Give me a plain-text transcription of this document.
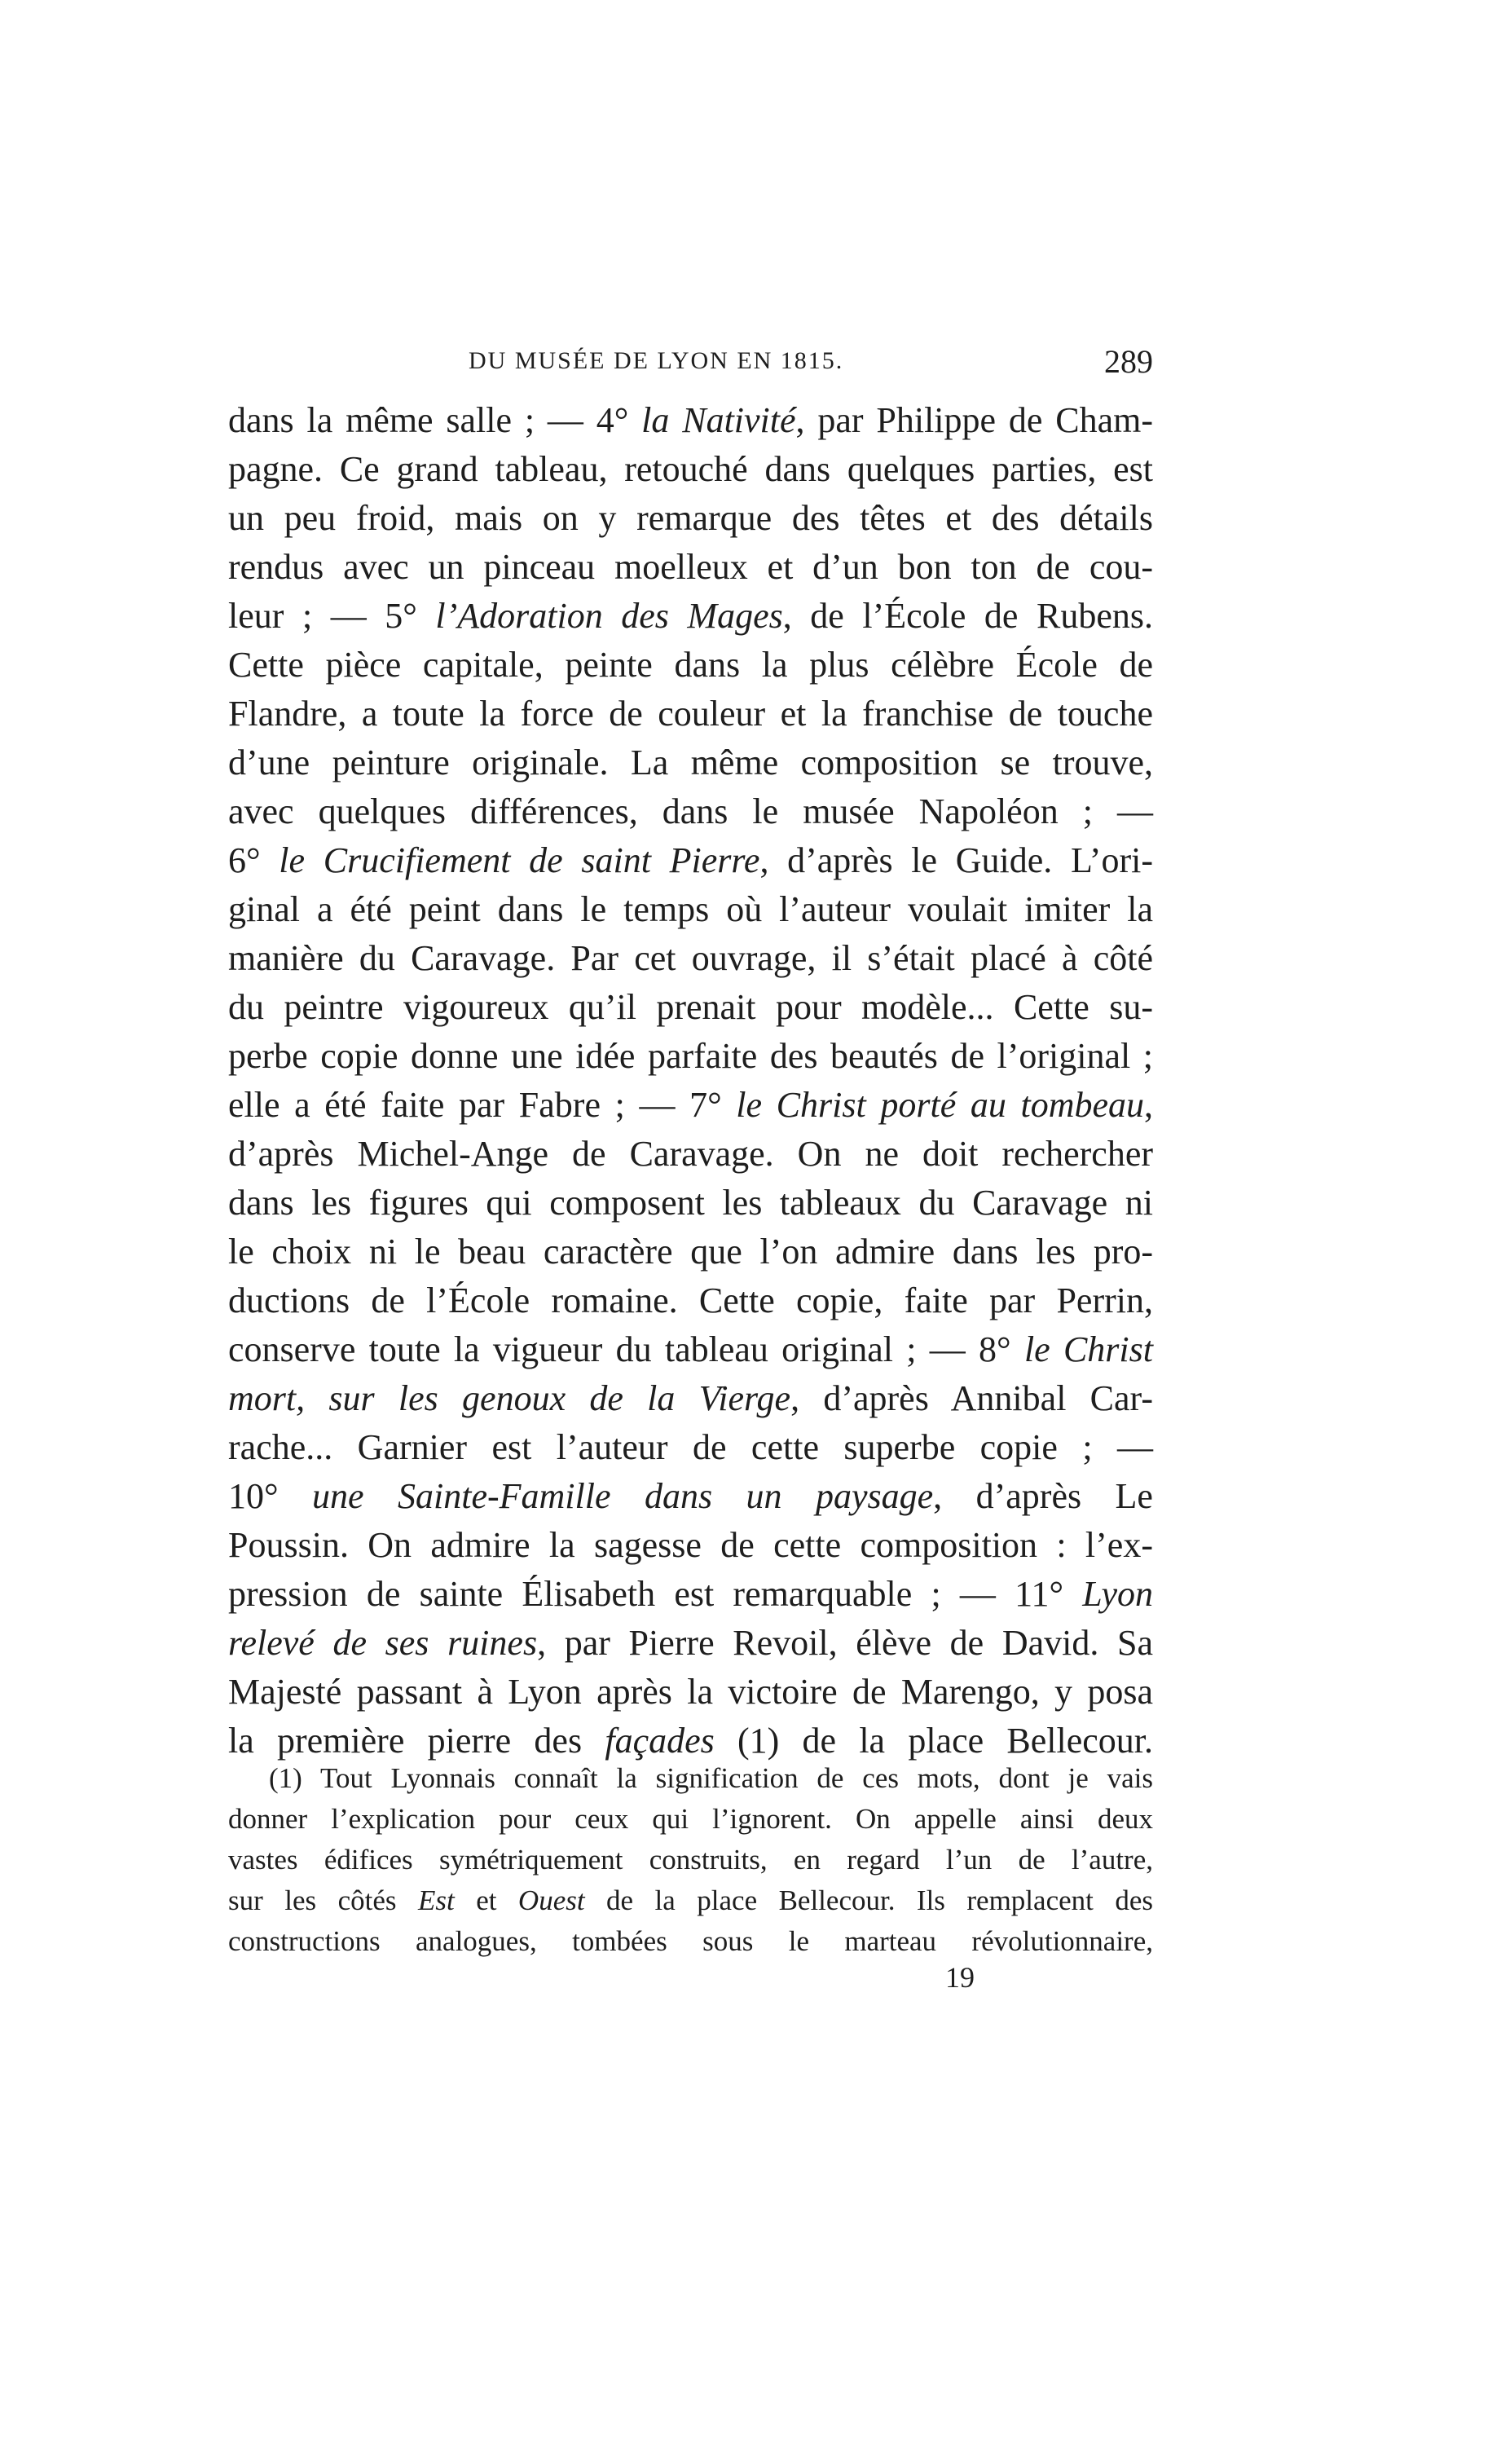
DU MUSÉE DE LYON EN 1815.	289
dans la même salle ; — 4° la Nativité, par Philippe de Cham-
pagne. Ce grand tableau, retouché dans quelques parties, est
un peu froid, mais on y remarque des têtes et des détails
rendus avec un pinceau moelleux et d’un bon ton de cou-
leur ; — 5° l’Adoration des Mages, de l’École de Rubens.
Cette pièce capitale, peinte dans la plus célèbre École de
Flandre, a toute la force de couleur et la franchise de touche
d’une peinture originale. La même composition se trouve,
avec quelques différences, dans le musée Napoléon ; —
6° le Crucifiement de saint Pierre, d’après le Guide. L’ori-
ginal a été peint dans le temps où l’auteur voulait imiter la
manière du Caravage. Par cet ouvrage, il s’était placé à côté
du peintre vigoureux qu’il prenait pour modèle... Cette su-
perbe copie donne une idée parfaite des beautés de l’original ;
elle a été faite par Fabre ; — 7° le Christ porté au tombeau,
d’après Michel-Ange de Caravage. On ne doit rechercher
dans les figures qui composent les tableaux du Caravage ni
le choix ni le beau caractère que l’on admire dans les pro-
ductions de l’École romaine. Cette copie, faite par Perrin,
conserve toute la vigueur du tableau original ; — 8° le Christ
mort, sur les genoux de la Vierge, d’après Annibal Car-
rache... Garnier est l’auteur de cette superbe copie ; —
10° une Sainte-Famille dans un paysage, d’après Le
Poussin. On admire la sagesse de cette composition : l’ex-
pression de sainte Élisabeth est remarquable ; — 11° Lyon
relevé de ses ruines, par Pierre Revoil, élève de David. Sa
Majesté passant à Lyon après la victoire de Marengo, y posa
la première pierre des façades (1) de la place Bellecour.
(1) Tout Lyonnais connaît la signification de ces mots, dont je vais
donner l’explication pour ceux qui l’ignorent. On appelle ainsi deux
vastes édifices symétriquement construits, en regard l’un de l’autre,
sur les côtés Est et Ouest de la place Bellecour. Ils remplacent des
constructions analogues, tombées sous le marteau révolutionnaire,
19
